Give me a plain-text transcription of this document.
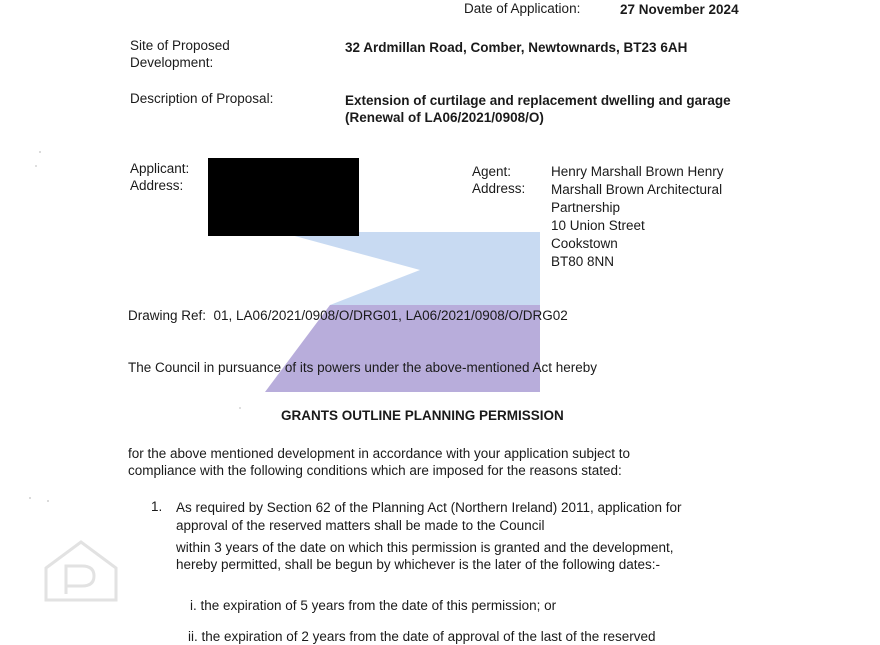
Date of Application:	27 November 2024
Site of Proposed
Development:
32 Ardmillan Road, Comber, Newtownards, BT23 6AH
Description of Proposal:	Extension of curtilage and replacement dwelling and garage
(Renewal of LA06/2021/0908/O)
Applicant:
Address:
Agent:
Address:
Henry Marshall Brown Henry
Marshall Brown Architectural
Partnership
10 Union Street
Cookstown
BT80 8NN
Drawing Ref:  01, LA06/2021/0908/O/DRG01, LA06/2021/0908/O/DRG02
The Council in pursuance of its powers under the above-mentioned Act hereby
GRANTS OUTLINE PLANNING PERMISSION
for the above mentioned development in accordance with your application subject to
compliance with the following conditions which are imposed for the reasons stated:
1. As required by Section 62 of the Planning Act (Northern Ireland) 2011, application for
approval of the reserved matters shall be made to the Council
within 3 years of the date on which this permission is granted and the development,
hereby permitted, shall be begun by whichever is the later of the following dates:-
i. the expiration of 5 years from the date of this permission; or
ii. the expiration of 2 years from the date of approval of the last of the reserved
